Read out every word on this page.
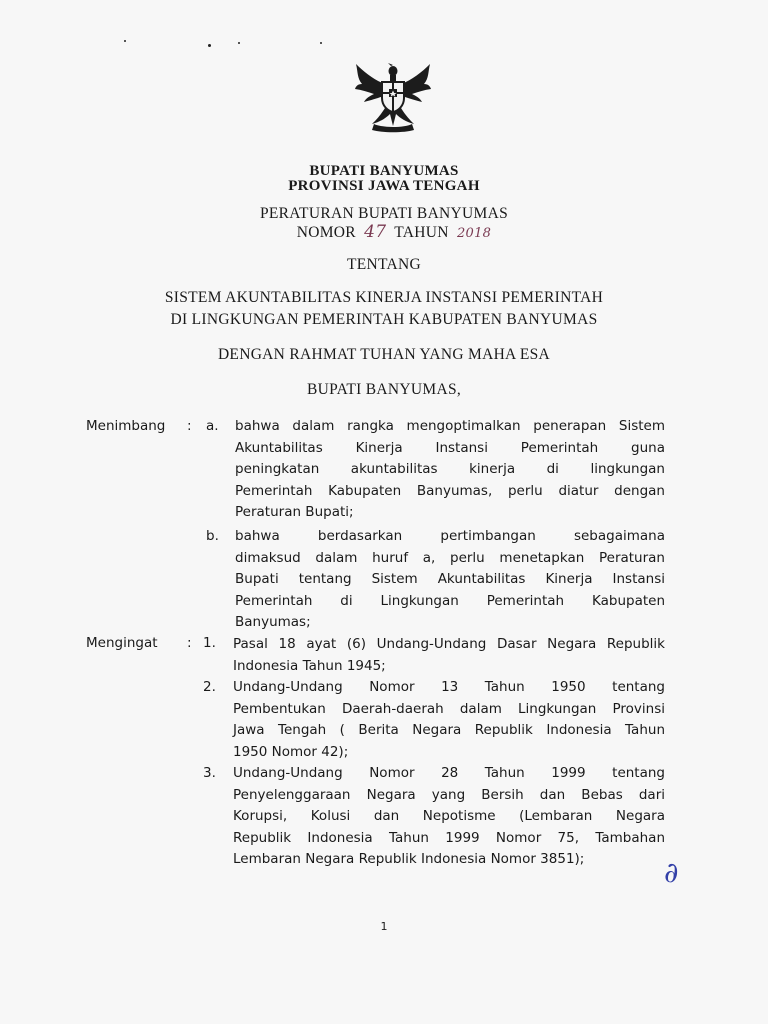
BUPATI BANYUMAS
PROVINSI JAWA TENGAH
PERATURAN BUPATI BANYUMAS
NOMOR 47 TAHUN 2018
TENTANG
SISTEM AKUNTABILITAS KINERJA INSTANSI PEMERINTAH
DI LINGKUNGAN PEMERINTAH KABUPATEN BANYUMAS
DENGAN RAHMAT TUHAN YANG MAHA ESA
BUPATI BANYUMAS,
Menimbang : a. bahwa dalam rangka mengoptimalkan penerapan Sistem
Akuntabilitas Kinerja Instansi Pemerintah guna
peningkatan akuntabilitas kinerja di lingkungan
Pemerintah Kabupaten Banyumas, perlu diatur dengan
Peraturan Bupati;
b. bahwa berdasarkan pertimbangan sebagaimana
dimaksud dalam huruf a, perlu menetapkan Peraturan
Bupati tentang Sistem Akuntabilitas Kinerja Instansi
Pemerintah di Lingkungan Pemerintah Kabupaten
Banyumas;
Mengingat : 1. Pasal 18 ayat (6) Undang-Undang Dasar Negara Republik
Indonesia Tahun 1945;
2. Undang-Undang Nomor 13 Tahun 1950 tentang
Pembentukan Daerah-daerah dalam Lingkungan Provinsi
Jawa Tengah ( Berita Negara Republik Indonesia Tahun
1950 Nomor 42);
3. Undang-Undang Nomor 28 Tahun 1999 tentang
Penyelenggaraan Negara yang Bersih dan Bebas dari
Korupsi, Kolusi dan Nepotisme (Lembaran Negara
Republik Indonesia Tahun 1999 Nomor 75, Tambahan
Lembaran Negara Republik Indonesia Nomor 3851);	∂
1
